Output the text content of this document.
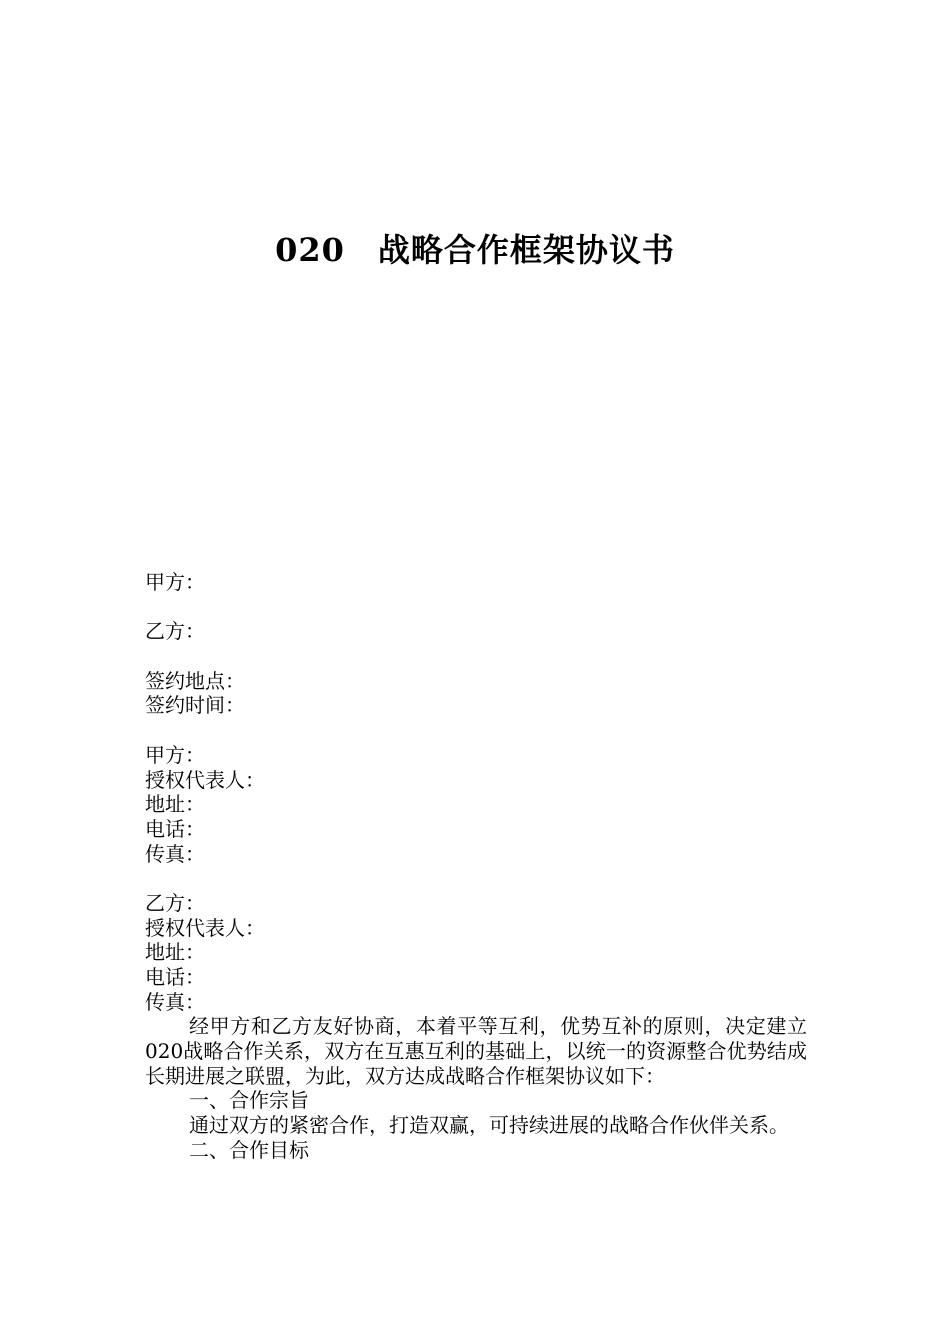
020　战略合作框架协议书
甲方：
乙方：
签约地点：
签约时间：
甲方：
授权代表人：
地址：
电话：
传真：
乙方：
授权代表人：
地址：
电话：
传真：

经甲方和乙方友好协商，本着平等互利，优势互补的原则，决定建立020战略合作关系，双方在互惠互利的基础上，以统一的资源整合优势结成长期进展之联盟，为此，双方达成战略合作框架协议如下：

一、合作宗旨

通过双方的紧密合作，打造双赢，可持续进展的战略合作伙伴关系。

二、合作目标
